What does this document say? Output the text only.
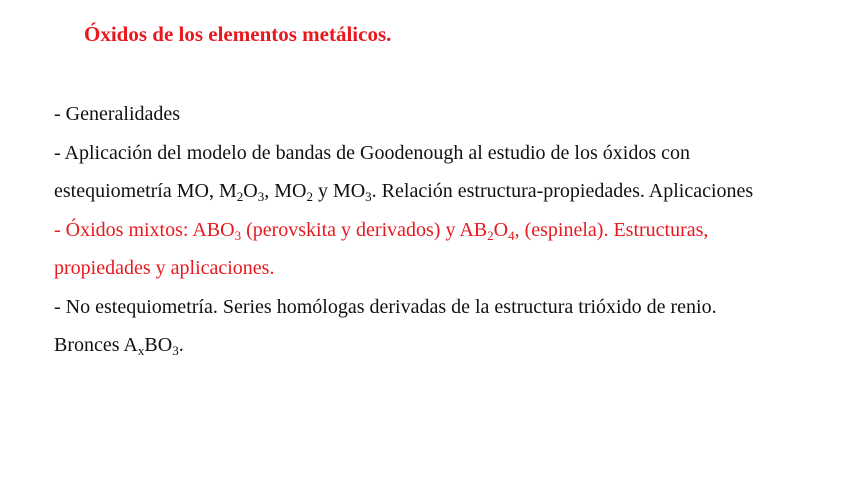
Óxidos de los elementos metálicos.
- Generalidades
- Aplicación del modelo de bandas de Goodenough al estudio de los óxidos con
estequiometría MO, $M_2O_3$, $MO_2$ y $MO_3$. Relación estructura-propiedades. Aplicaciones
- Óxidos mixtos: $ABO_3$ (perovskita y derivados) y $AB_2O_4$, (espinela). Estructuras,
propiedades y aplicaciones.
- No estequiometría. Series homólogas derivadas de la estructura trióxido de renio.
Bronces $A_xBO_3$.
